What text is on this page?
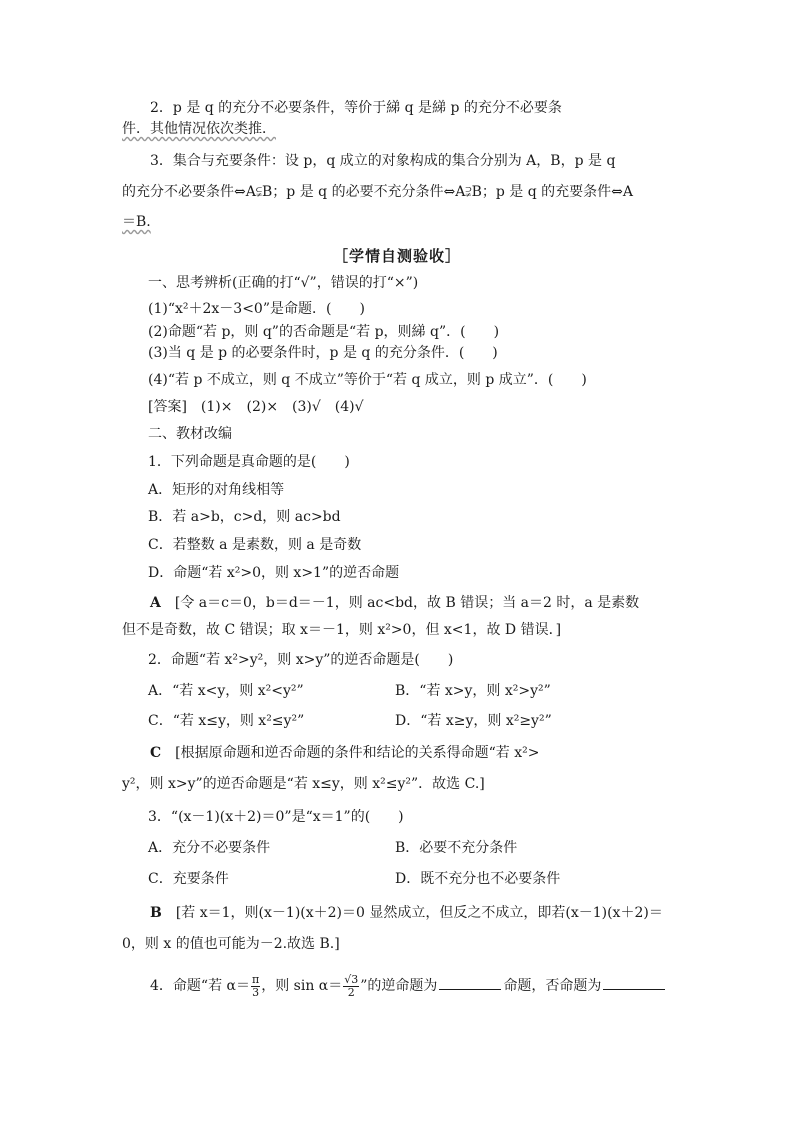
2．p 是 q 的充分不必要条件，等价于綈 q 是綈 p 的充分不必要条
件．其他情况依次类推．
3．集合与充要条件：设 p，q 成立的对象构成的集合分别为 A，B，p 是 q
的充分不必要条件⇔A⫋B；p 是 q 的必要不充分条件⇔A⫌B；p 是 q 的充要条件⇔A
＝B.
［学情自测验收］
一、思考辨析(正确的打“√”，错误的打“×”)
(1)“x²＋2x－3<0”是命题．(　　)
(2)命题“若 p，则 q”的否命题是“若 p，则綈 q”．(　　)
(3)当 q 是 p 的必要条件时，p 是 q 的充分条件．(　　)
(4)“若 p 不成立，则 q 不成立”等价于“若 q 成立，则 p 成立”．(　　)
[答案]　(1)×　(2)×　(3)√　(4)√
二、教材改编
1．下列命题是真命题的是(　　)
A．矩形的对角线相等
B．若 a>b，c>d，则 ac>bd
C．若整数 a 是素数，则 a 是奇数
D．命题“若 x²>0，则 x>1”的逆否命题
A　 [令 a＝c＝0，b＝d＝－1，则 ac<bd，故 B 错误；当 a＝2 时，a 是素数
但不是奇数，故 C 错误；取 x＝－1，则 x²>0，但 x<1，故 D 错误．]
2．命题“若 x²>y²，则 x>y”的逆否命题是(　　)
A．“若 x<y，则 x²<y²”	B．“若 x>y，则 x²>y²”
C．“若 x≤y，则 x²≤y²”	D．“若 x≥y，则 x²≥y²”
C　 [根据原命题和逆否命题的条件和结论的关系得命题“若 x²>
y²，则 x>y”的逆否命题是“若 x≤y，则 x²≤y²”．故选 C.]
3．“(x－1)(x＋2)＝0”是“x＝1”的(　　)
A．充分不必要条件	B．必要不充分条件
C．充要条件	D．既不充分也不必要条件
B　 [若 x＝1，则(x－1)(x＋2)＝0 显然成立，但反之不成立，即若(x－1)(x＋2)＝
0，则 x 的值也可能为－2.故选 B.]
4．命题“若 $\alpha= \frac{\pi}{3}$ ，则 $\sin \alpha= \frac{√3}{2}$ ”的逆命题为	命题，否命题为
